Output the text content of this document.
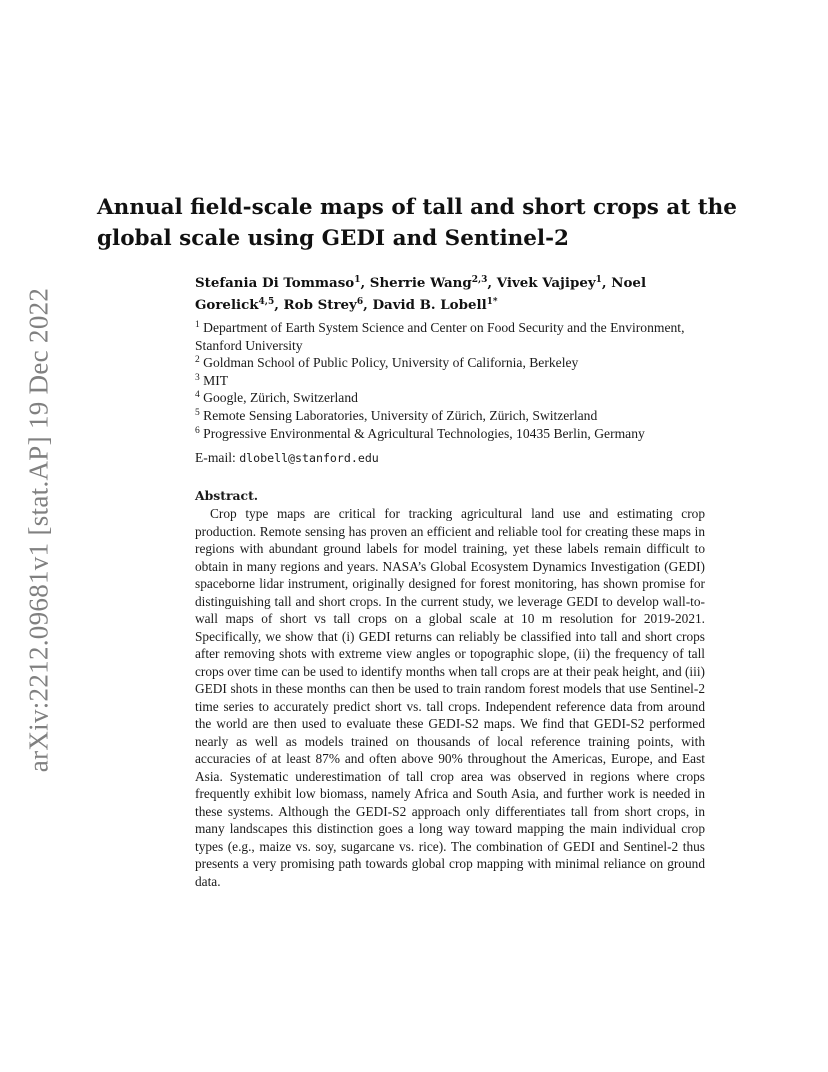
arXiv:2212.09681v1 [stat.AP] 19 Dec 2022
Annual field-scale maps of tall and short crops at the global scale using GEDI and Sentinel-2
Stefania Di Tommaso$^1$, Sherrie Wang$^{2,3}$, Vivek Vajipey$^1$, Noel Gorelick$^{4,5}$, Rob Strey$^6$, David B. Lobell$^{1*}$
$^1$ Department of Earth System Science and Center on Food Security and the Environment, Stanford University
$^2$ Goldman School of Public Policy, University of California, Berkeley
$^3$ MIT
$^4$ Google, Zürich, Switzerland
$^5$ Remote Sensing Laboratories, University of Zürich, Zürich, Switzerland
$^6$ Progressive Environmental & Agricultural Technologies, 10435 Berlin, Germany
E-mail: dlobell@stanford.edu
Abstract.

Crop type maps are critical for tracking agricultural land use and estimating crop production. Remote sensing has proven an efficient and reliable tool for creating these maps in regions with abundant ground labels for model training, yet these labels remain difficult to obtain in many regions and years. NASA’s Global Ecosystem Dynamics Investigation (GEDI) spaceborne lidar instrument, originally designed for forest monitoring, has shown promise for distinguishing tall and short crops. In the current study, we leverage GEDI to develop wall-to-wall maps of short vs tall crops on a global scale at 10 m resolution for 2019-2021. Specifically, we show that (i) GEDI returns can reliably be classified into tall and short crops after removing shots with extreme view angles or topographic slope, (ii) the frequency of tall crops over time can be used to identify months when tall crops are at their peak height, and (iii) GEDI shots in these months can then be used to train random forest models that use Sentinel-2 time series to accurately predict short vs. tall crops. Independent reference data from around the world are then used to evaluate these GEDI-S2 maps. We find that GEDI-S2 performed nearly as well as models trained on thousands of local reference training points, with accuracies of at least 87% and often above 90% throughout the Americas, Europe, and East Asia. Systematic underestimation of tall crop area was observed in regions where crops frequently exhibit low biomass, namely Africa and South Asia, and further work is needed in these systems. Although the GEDI-S2 approach only differentiates tall from short crops, in many landscapes this distinction goes a long way toward mapping the main individual crop types (e.g., maize vs. soy, sugarcane vs. rice). The combination of GEDI and Sentinel-2 thus presents a very promising path towards global crop mapping with minimal reliance on ground data.
